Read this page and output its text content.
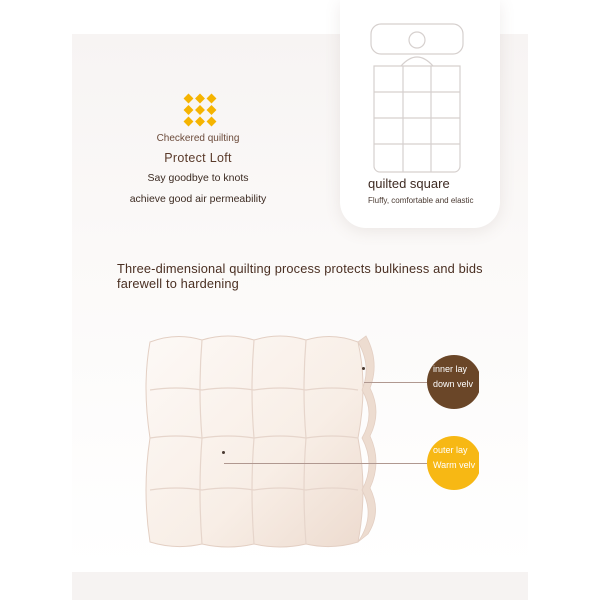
Checkered quilting
Protect Loft
Say goodbye to knots
achieve good air permeability
quilted square
Fluffy, comfortable and elastic
Three-dimensional quilting process protects bulkiness and bids farewell to hardening
inner lay
down velv
outer lay
Warm velv
